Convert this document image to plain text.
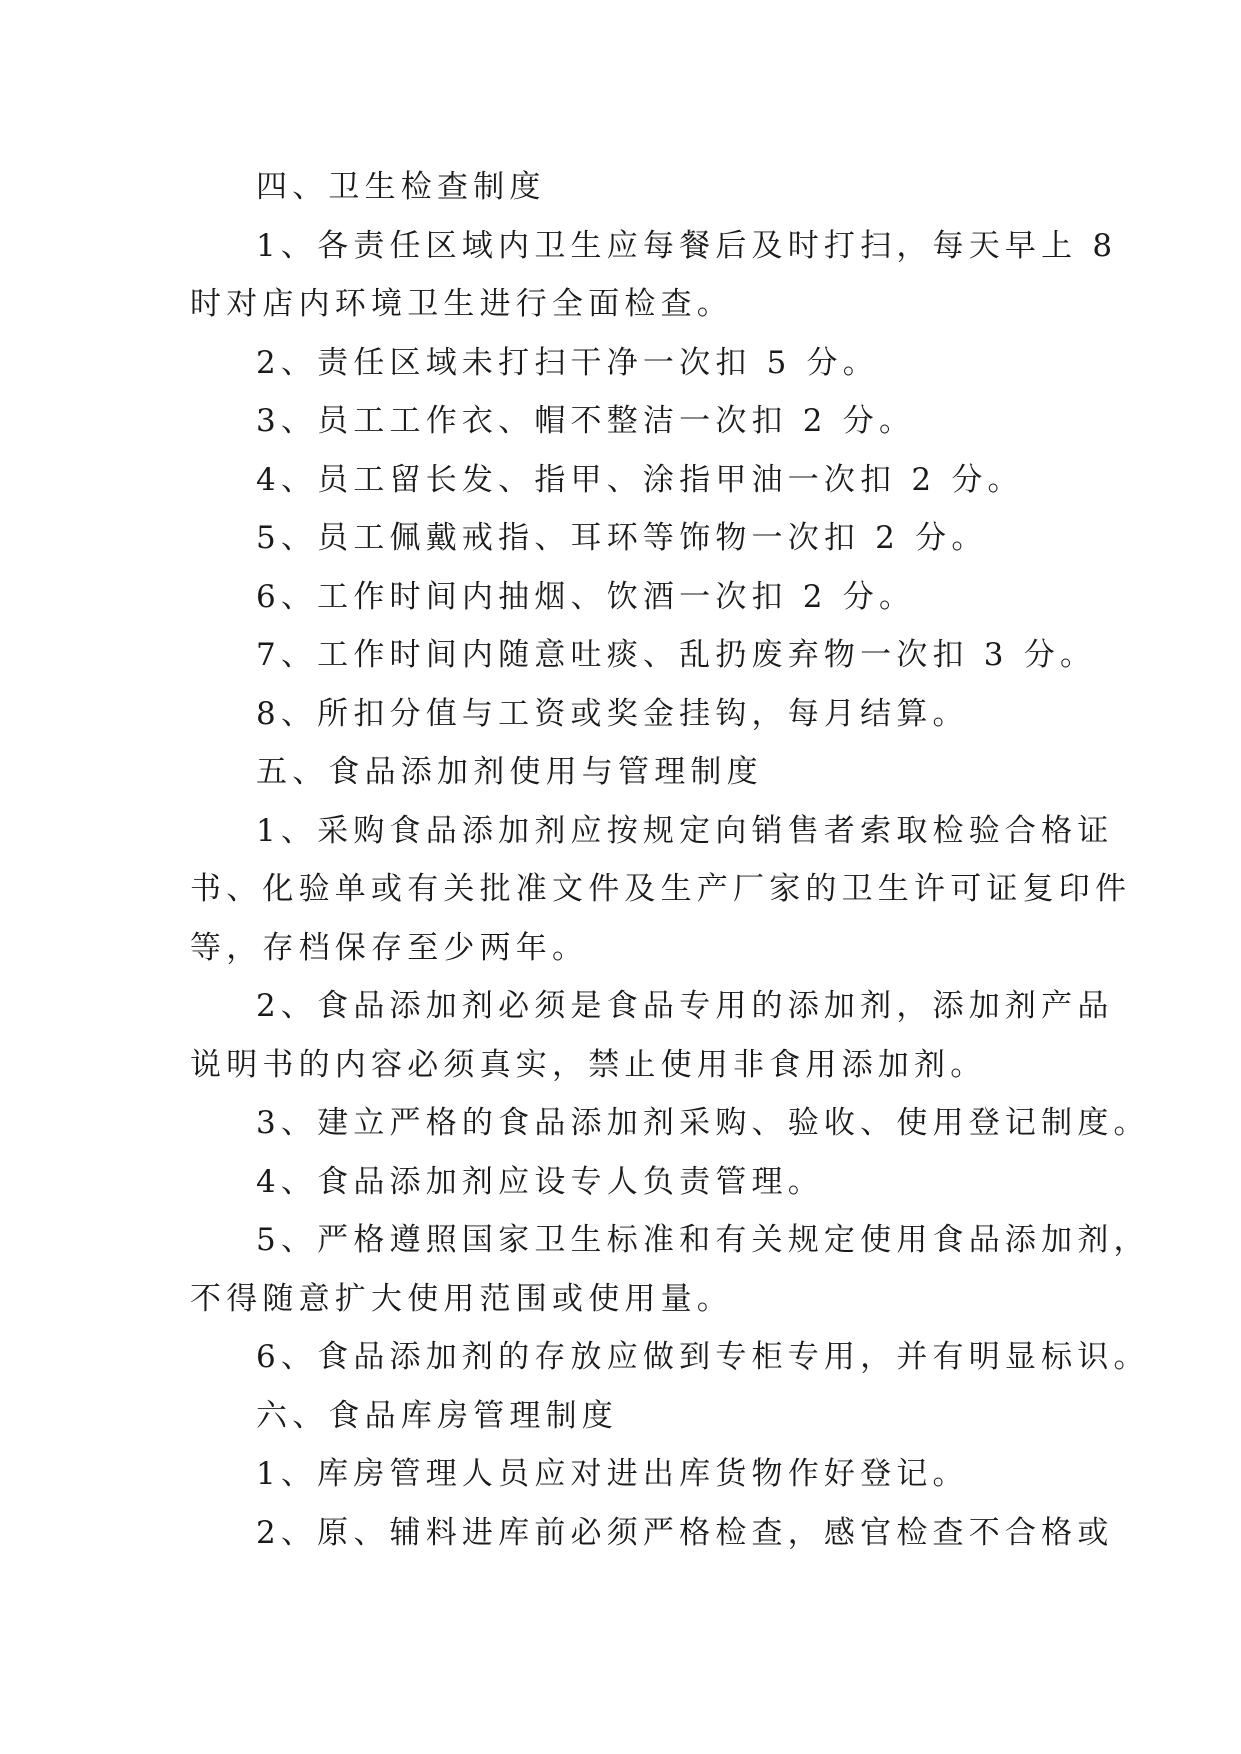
四、卫生检查制度
1、各责任区域内卫生应每餐后及时打扫，每天早上 8
时对店内环境卫生进行全面检查。
2、责任区域未打扫干净一次扣 5 分。
3、员工工作衣、帽不整洁一次扣 2 分。
4、员工留长发、指甲、涂指甲油一次扣 2 分。
5、员工佩戴戒指、耳环等饰物一次扣 2 分。
6、工作时间内抽烟、饮酒一次扣 2 分。
7、工作时间内随意吐痰、乱扔废弃物一次扣 3 分。
8、所扣分值与工资或奖金挂钩，每月结算。
五、食品添加剂使用与管理制度
1、采购食品添加剂应按规定向销售者索取检验合格证
书、化验单或有关批准文件及生产厂家的卫生许可证复印件
等，存档保存至少两年。
2、食品添加剂必须是食品专用的添加剂，添加剂产品
说明书的内容必须真实，禁止使用非食用添加剂。
3、建立严格的食品添加剂采购、验收、使用登记制度。
4、食品添加剂应设专人负责管理。
5、严格遵照国家卫生标准和有关规定使用食品添加剂，
不得随意扩大使用范围或使用量。
6、食品添加剂的存放应做到专柜专用，并有明显标识。
六、食品库房管理制度
1、库房管理人员应对进出库货物作好登记。
2、原、辅料进库前必须严格检查，感官检查不合格或
